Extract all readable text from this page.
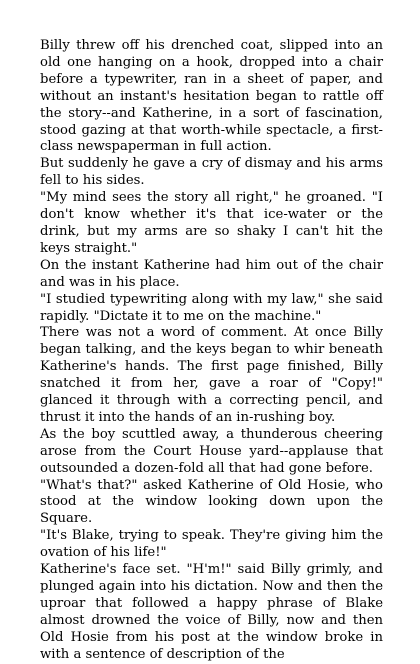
Billy threw off his drenched coat, slipped into an old one hanging on a hook, dropped into a chair before a typewriter, ran in a sheet of paper, and without an instant's hesitation began to rattle off the story--and Katherine, in a sort of fascination, stood gazing at that worth-while spectacle, a first-class newspaperman in full action.

But suddenly he gave a cry of dismay and his arms fell to his sides.

"My mind sees the story all right," he groaned. "I don't know whether it's that ice-water or the drink, but my arms are so shaky I can't hit the keys straight."

On the instant Katherine had him out of the chair and was in his place.

"I studied typewriting along with my law," she said rapidly. "Dictate it to me on the machine."

There was not a word of comment. At once Billy began talking, and the keys began to whir beneath Katherine's hands. The first page finished, Billy snatched it from her, gave a roar of "Copy!" glanced it through with a correcting pencil, and thrust it into the hands of an in-rushing boy.

As the boy scuttled away, a thunderous cheering arose from the Court House yard--applause that outsounded a dozen-fold all that had gone before.

"What's that?" asked Katherine of Old Hosie, who stood at the window looking down upon the Square.

"It's Blake, trying to speak. They're giving him the ovation of his life!"

Katherine's face set. "H'm!" said Billy grimly, and plunged again into his dictation. Now and then the uproar that followed a happy phrase of Blake almost drowned the voice of Billy, now and then Old Hosie from his post at the window broke in with a sentence of description of the
